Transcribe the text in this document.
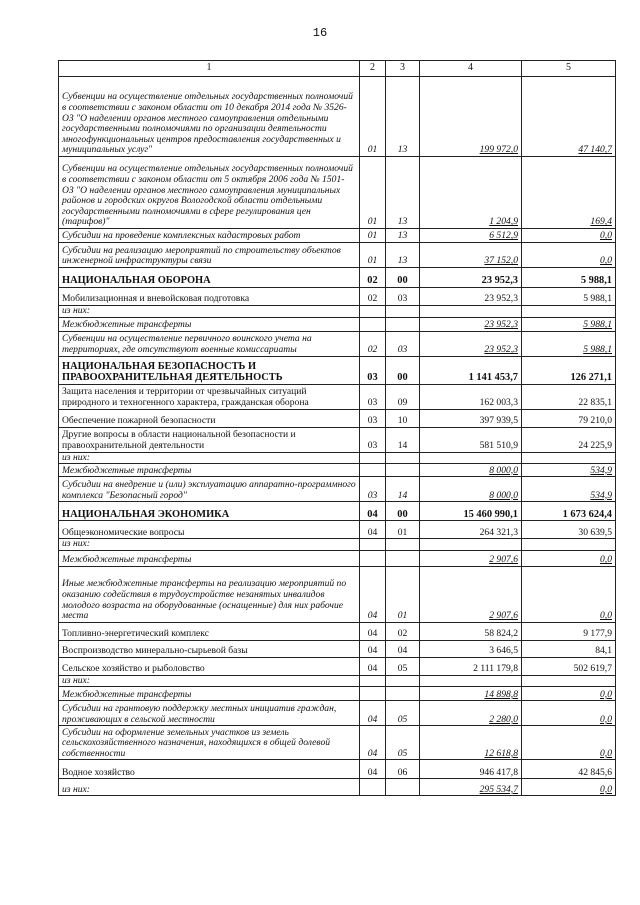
16
1	2	3	4	5
Субвенции на осуществление отдельных государственных полномочий в соответствии с законом области от 10 декабря 2014 года № 3526-ОЗ "О наделении органов местного самоуправления отдельными государственными полномочиями по организации деятельности многофункциональных центров предоставления государственных и муниципальных услуг"	01	13	199 972,0	47 140,7
Субвенции на осуществление отдельных государственных полномочий в соответствии с законом области от 5 октября 2006 года № 1501-ОЗ "О наделении органов местного самоуправления муниципальных районов и городских округов Вологодской области отдельными государственными полномочиями в сфере регулирования цен (тарифов)"	01	13	1 204,9	169,4
Субсидии на проведение комплексных кадастровых работ	01	13	6 512,9	0,0
Субсидии на реализацию мероприятий по строительству объектов инженерной инфраструктуры связи	01	13	37 152,0	0,0
НАЦИОНАЛЬНАЯ ОБОРОНА	02	00	23 952,3	5 988,1
Мобилизационная и вневойсковая подготовка	02	03	23 952,3	5 988,1
из них:				
Межбюджетные трансферты			23 952,3	5 988,1
Субвенции на осуществление первичного воинского учета на территориях, где отсутствуют военные комиссариаты	02	03	23 952,3	5 988,1
НАЦИОНАЛЬНАЯ БЕЗОПАСНОСТЬ И ПРАВООХРАНИТЕЛЬНАЯ ДЕЯТЕЛЬНОСТЬ	03	00	1 141 453,7	126 271,1
Защита населения и территории от чрезвычайных ситуаций природного и техногенного характера, гражданская оборона	03	09	162 003,3	22 835,1
Обеспечение пожарной безопасности	03	10	397 939,5	79 210,0
Другие вопросы в области национальной безопасности и правоохранительной деятельности	03	14	581 510,9	24 225,9
из них:				
Межбюджетные трансферты			8 000,0	534,9
Субсидии на внедрение и (или) эксплуатацию аппаратно-программного комплекса "Безопасный город"	03	14	8 000,0	534,9
НАЦИОНАЛЬНАЯ ЭКОНОМИКА	04	00	15 460 990,1	1 673 624,4
Общеэкономические вопросы	04	01	264 321,3	30 639,5
из них:				
Межбюджетные трансферты			2 907,6	0,0
Иные межбюджетные трансферты на реализацию мероприятий по оказанию содействия в трудоустройстве незанятых инвалидов молодого возраста на оборудованные (оснащенные) для них рабочие места	04	01	2 907,6	0,0
Топливно-энергетический комплекс	04	02	58 824,2	9 177,9
Воспроизводство минерально-сырьевой базы	04	04	3 646,5	84,1
Сельское хозяйство и рыболовство	04	05	2 111 179,8	502 619,7
из них:				
Межбюджетные трансферты			14 898,8	0,0
Субсидии на грантовую поддержку местных инициатив граждан, проживающих в сельской местности	04	05	2 280,0	0,0
Субсидии на оформление земельных участков из земель сельскохозяйственного назначения, находящихся в общей долевой собственности	04	05	12 618,8	0,0
Водное хозяйство	04	06	946 417,8	42 845,6
из них:			295 534,7	0,0
